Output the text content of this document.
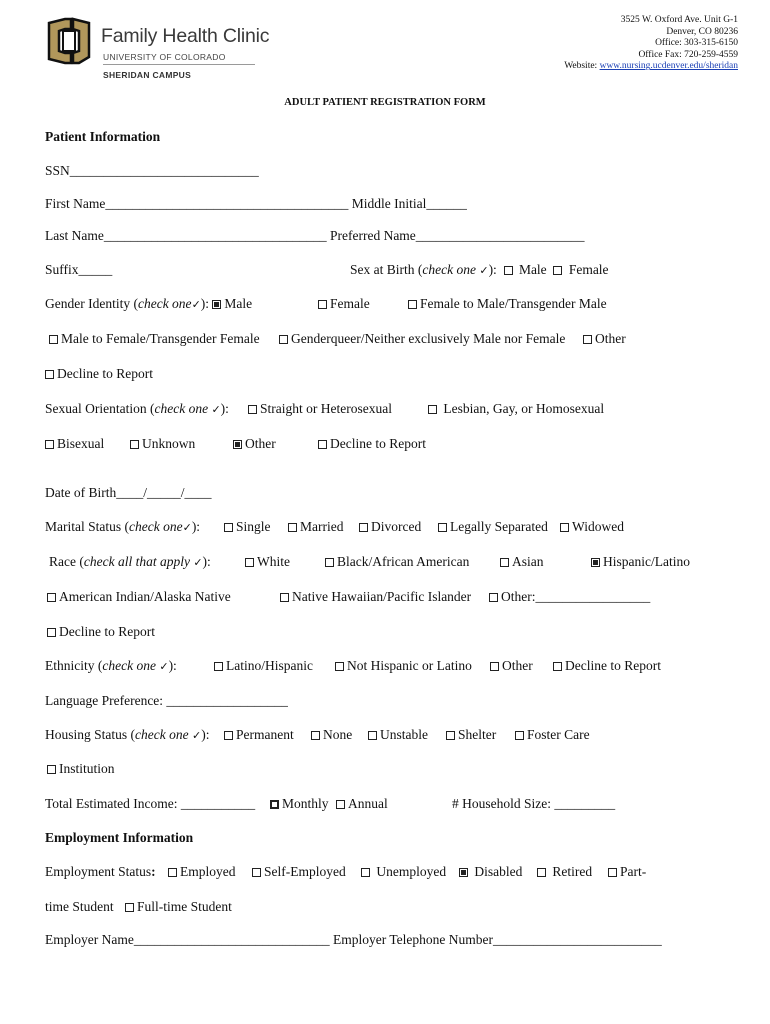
Family Health Clinic
UNIVERSITY OF COLORADO
SHERIDAN CAMPUS
3525 W. Oxford Ave. Unit G-1
Denver, CO 80236
Office: 303-315-6150
Office Fax: 720-259-4559
Website: www.nursing.ucdenver.edu/sheridan
ADULT PATIENT REGISTRATION FORM
Patient Information
SSN____________________________
First Name____________________________________ Middle Initial______
Last Name_________________________________ Preferred Name_________________________
Suffix_____	Sex at Birth (check one ✓): Male Female
Gender Identity (check one✓): Male	Female	Female to Male/Transgender Male
Male to Female/Transgender Female	Genderqueer/Neither exclusively Male nor Female	Other
Decline to Report
Sexual Orientation (check one ✓):	Straight or Heterosexual	Lesbian, Gay, or Homosexual
Bisexual	Unknown	Other	Decline to Report
Date of Birth____/_____/____
Marital Status (check one✓):	Single	Married	Divorced	Legally Separated	Widowed
Race (check all that apply ✓):	White	Black/African American	Asian	Hispanic/Latino
American Indian/Alaska Native	Native Hawaiian/Pacific Islander	Other:_________________
Decline to Report
Ethnicity (check one ✓):	Latino/Hispanic	Not Hispanic or Latino	Other	Decline to Report
Language Preference: __________________
Housing Status (check one ✓):	Permanent	None	Unstable	Shelter	Foster Care
Institution
Total Estimated Income: ___________	Monthly	Annual	# Household Size: _________
Employment Information
Employment Status:	Employed	Self-Employed	Unemployed	Disabled	Retired	Part-
time Student	Full-time Student
Employer Name_____________________________ Employer Telephone Number_________________________
